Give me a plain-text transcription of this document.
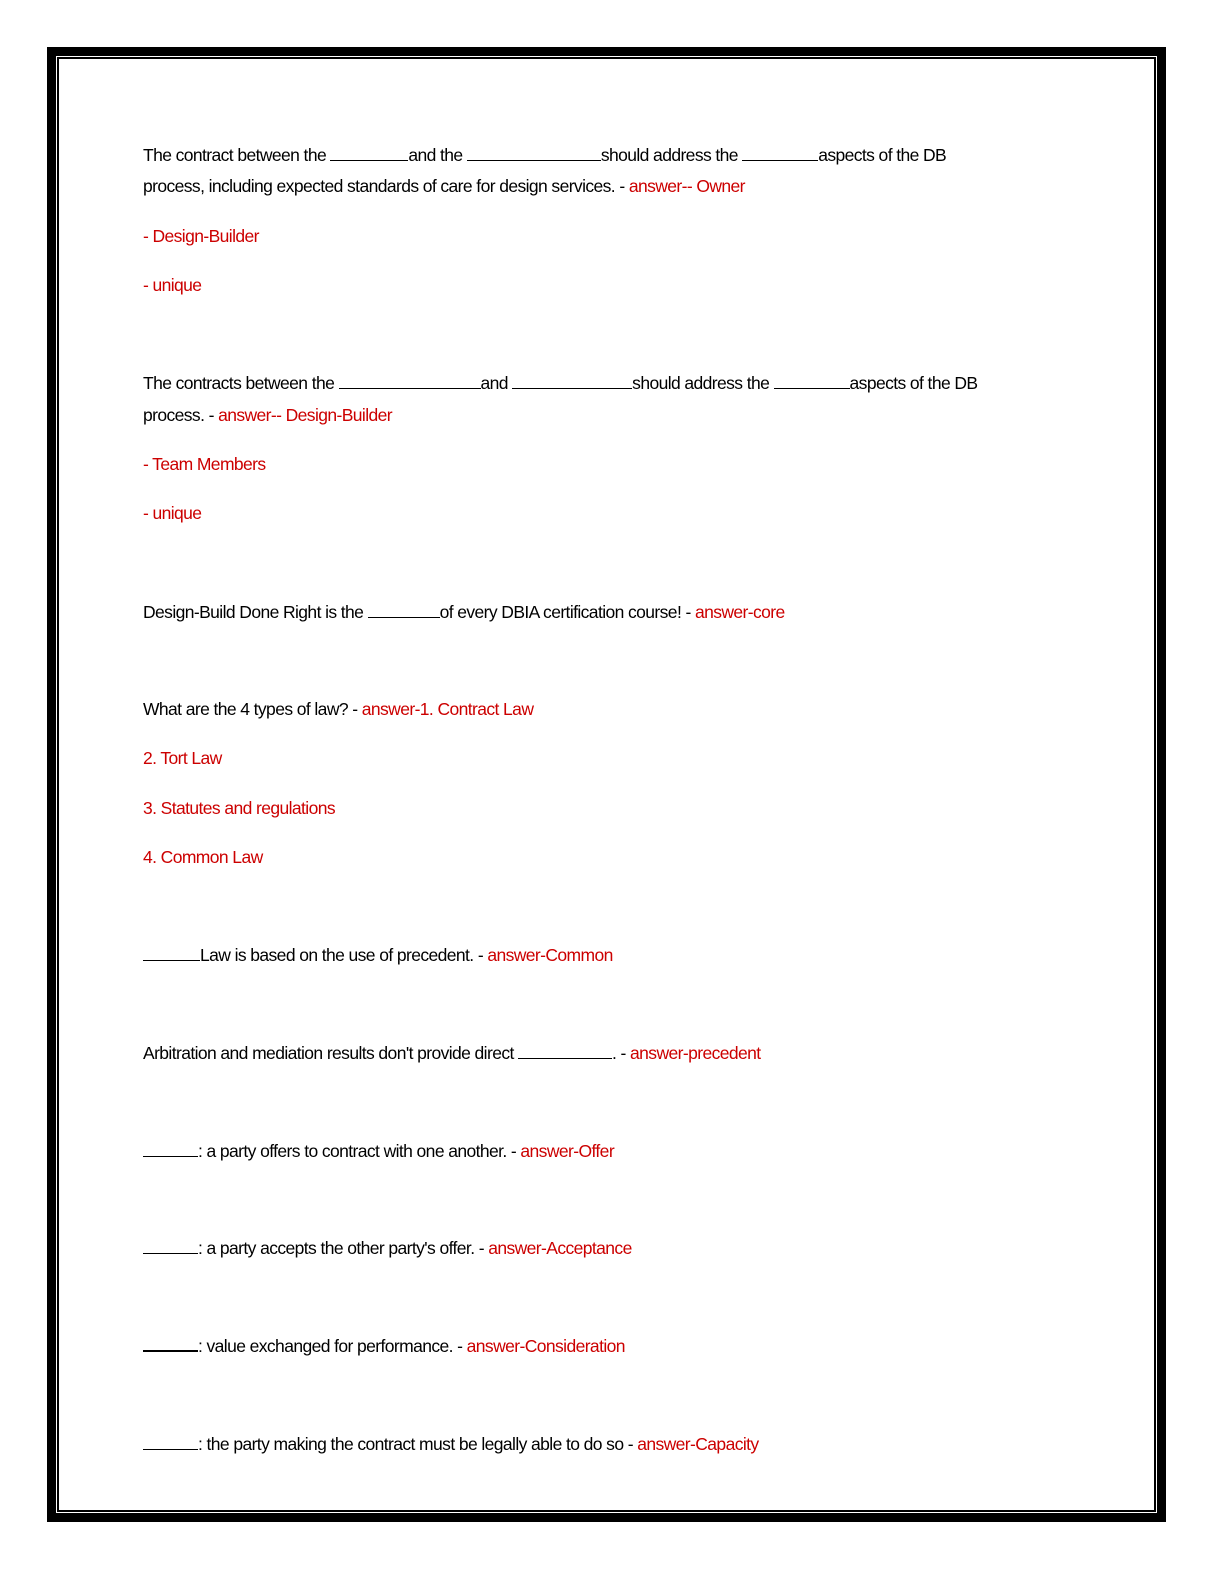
The contract between the	and the	should address the	aspects of the DB
process, including expected standards of care for design services. - answer-- Owner
- Design-Builder
- unique
The contracts between the	and	should address the	aspects of the DB
process. - answer-- Design-Builder
- Team Members
- unique
Design-Build Done Right is the	of every DBIA certification course! - answer-core
What are the 4 types of law? - answer-1. Contract Law
2. Tort Law
3. Statutes and regulations
4. Common Law
Law is based on the use of precedent. - answer-Common
Arbitration and mediation results don't provide direct	. - answer-precedent
: a party offers to contract with one another. - answer-Offer
: a party accepts the other party's offer. - answer-Acceptance
: value exchanged for performance. - answer-Consideration
: the party making the contract must be legally able to do so - answer-Capacity
